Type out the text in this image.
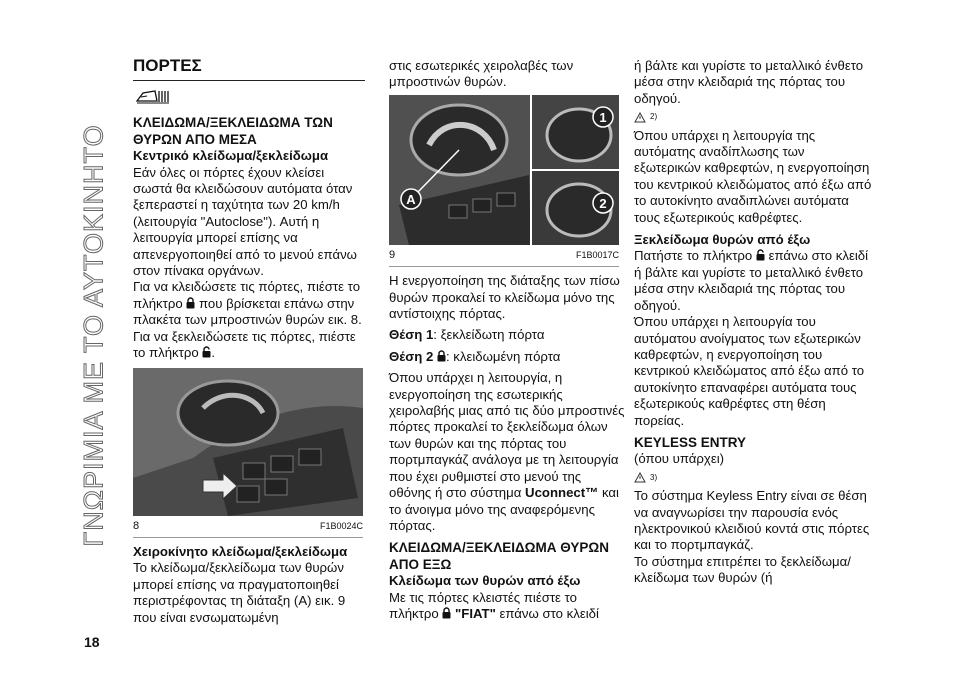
ΓΝΩΡΙΜΙΑ ΜΕ ΤΟ ΑΥΤΟΚΙΝΗΤΟ
18
ΠΟΡΤΕΣ

ΚΛΕΙΔΩΜΑ/ΞΕΚΛΕΙΔΩΜΑ ΤΩΝ ΘΥΡΩΝ ΑΠΟ ΜΕΣΑ

Κεντρικό κλείδωμα/ξεκλείδωμα

Εάν όλες οι πόρτες έχουν κλείσει σωστά θα κλειδώσουν αυτόματα όταν ξεπεραστεί η ταχύτητα των 20 km/h (λειτουργία "Autoclose"). Αυτή η λειτουργία μπορεί επίσης να απενεργοποιηθεί από το μενού επάνω στον πίνακα οργάνων.

Για να κλειδώσετε τις πόρτες, πιέστε το πλήκτρο που βρίσκεται επάνω στην πλακέτα των μπροστινών θυρών εικ. 8. Για να ξεκλειδώσετε τις πόρτες, πιέστε το πλήκτρο .

8	F1B0024C

Χειροκίνητο κλείδωμα/ξεκλείδωμα

Το κλείδωμα/ξεκλείδωμα των θυρών μπορεί επίσης να πραγματοποιηθεί περιστρέφοντας τη διάταξη (A) εικ. 9 που είναι ενσωματωμένη

στις εσωτερικές χειρολαβές των μπροστινών θυρών.

A
1
2
9	F1B0017C

Η ενεργοποίηση της διάταξης των πίσω θυρών προκαλεί το κλείδωμα μόνο της αντίστοιχης πόρτας.

Θέση 1: ξεκλείδωτη πόρτα

Θέση 2 : κλειδωμένη πόρτα

Όπου υπάρχει η λειτουργία, η ενεργοποίηση της εσωτερικής χειρολαβής μιας από τις δύο μπροστινές πόρτες προκαλεί το ξεκλείδωμα όλων των θυρών και της πόρτας του πορτμπαγκάζ ανάλογα με τη λειτουργία που έχει ρυθμιστεί στο μενού της οθόνης ή στο σύστημα Uconnect™ και το άνοιγμα μόνο της αναφερόμενης πόρτας.

ΚΛΕΙΔΩΜΑ/ΞΕΚΛΕΙΔΩΜΑ ΘΥΡΩΝ ΑΠΟ ΕΞΩ

Κλείδωμα των θυρών από έξω

Με τις πόρτες κλειστές πιέστε το πλήκτρο "FIAT" επάνω στο κλειδί

ή βάλτε και γυρίστε το μεταλλικό ένθετο μέσα στην κλειδαριά της πόρτας του οδηγού.

2)

Όπου υπάρχει η λειτουργία της αυτόματης αναδίπλωσης των εξωτερικών καθρεφτών, η ενεργοποίηση του κεντρικού κλειδώματος από έξω από το αυτοκίνητο αναδιπλώνει αυτόματα τους εξωτερικούς καθρέφτες.

Ξεκλείδωμα θυρών από έξω

Πατήστε το πλήκτρο επάνω στο κλειδί ή βάλτε και γυρίστε το μεταλλικό ένθετο μέσα στην κλειδαριά της πόρτας του οδηγού.

Όπου υπάρχει η λειτουργία του αυτόματου ανοίγματος των εξωτερικών καθρεφτών, η ενεργοποίηση του κεντρικού κλειδώματος από έξω από το αυτοκίνητο επαναφέρει αυτόματα τους εξωτερικούς καθρέφτες στη θέση πορείας.

KEYLESS ENTRY

(όπου υπάρχει)

3)

Το σύστημα Keyless Entry είναι σε θέση να αναγνωρίσει την παρουσία ενός ηλεκτρονικού κλειδιού κοντά στις πόρτες και το πορτμπαγκάζ.

Το σύστημα επιτρέπει το ξεκλείδωμα/κλείδωμα των θυρών (ή
